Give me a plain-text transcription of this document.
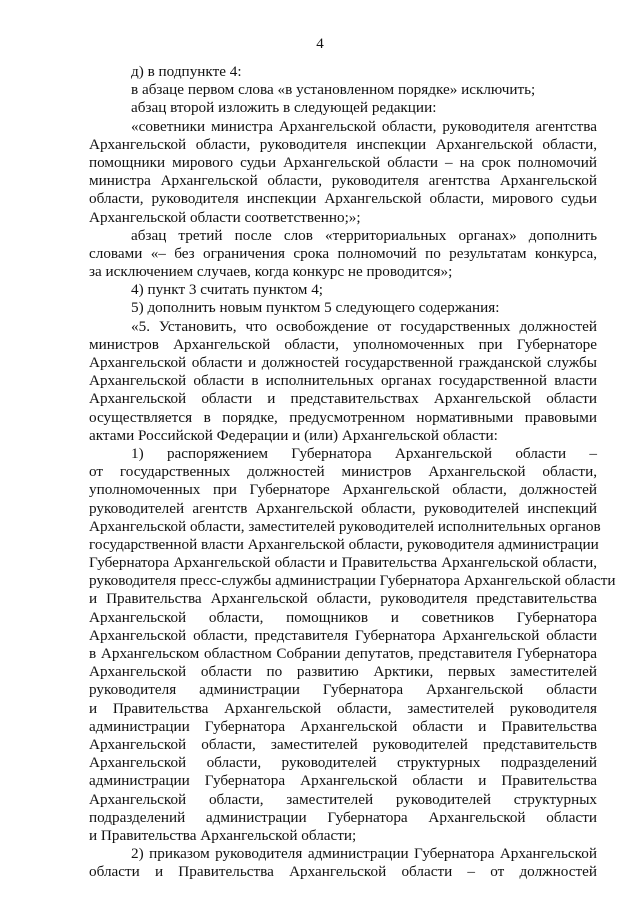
4
д) в подпункте 4:
в абзаце первом слова «в установленном порядке» исключить;
абзац второй изложить в следующей редакции:
«советники министра Архангельской области, руководителя агентства
Архангельской области, руководителя инспекции Архангельской области,
помощники мирового судьи Архангельской области – на срок полномочий
министра Архангельской области, руководителя агентства Архангельской
области, руководителя инспекции Архангельской области, мирового судьи
Архангельской области соответственно;»;
абзац третий после слов «территориальных органах» дополнить
словами «– без ограничения срока полномочий по результатам конкурса,
за исключением случаев, когда конкурс не проводится»;
4) пункт 3 считать пунктом 4;
5) дополнить новым пунктом 5 следующего содержания:
«5. Установить, что освобождение от государственных должностей
министров Архангельской области, уполномоченных при Губернаторе
Архангельской области и должностей государственной гражданской службы
Архангельской области в исполнительных органах государственной власти
Архангельской области и представительствах Архангельской области
осуществляется в порядке, предусмотренном нормативными правовыми
актами Российской Федерации и (или) Архангельской области:
1) распоряжением Губернатора Архангельской области –
от государственных должностей министров Архангельской области,
уполномоченных при Губернаторе Архангельской области, должностей
руководителей агентств Архангельской области, руководителей инспекций
Архангельской области, заместителей руководителей исполнительных органов
государственной власти Архангельской области, руководителя администрации
Губернатора Архангельской области и Правительства Архангельской области,
руководителя пресс-службы администрации Губернатора Архангельской области
и Правительства Архангельской области, руководителя представительства
Архангельской области, помощников и советников Губернатора
Архангельской области, представителя Губернатора Архангельской области
в Архангельском областном Собрании депутатов, представителя Губернатора
Архангельской области по развитию Арктики, первых заместителей
руководителя администрации Губернатора Архангельской области
и Правительства Архангельской области, заместителей руководителя
администрации Губернатора Архангельской области и Правительства
Архангельской области, заместителей руководителей представительств
Архангельской области, руководителей структурных подразделений
администрации Губернатора Архангельской области и Правительства
Архангельской области, заместителей руководителей структурных
подразделений администрации Губернатора Архангельской области
и Правительства Архангельской области;
2) приказом руководителя администрации Губернатора Архангельской
области и Правительства Архангельской области – от должностей
